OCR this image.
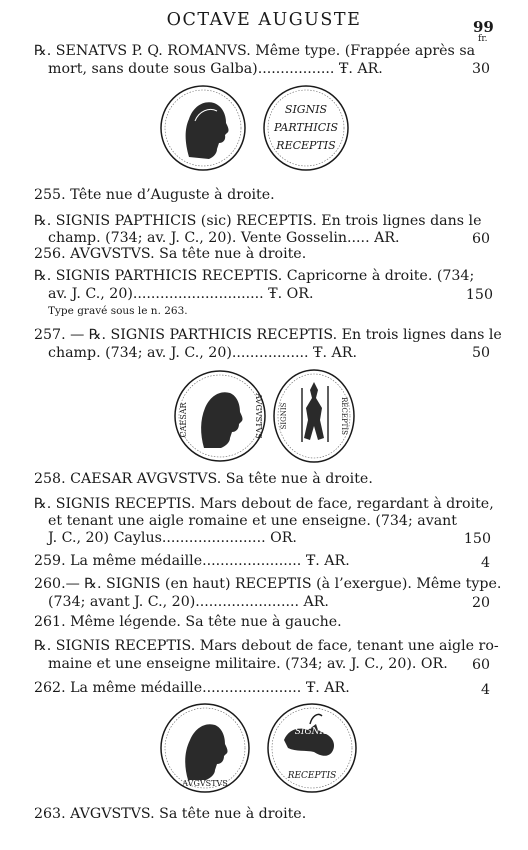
OCTAVE AUGUSTE	99
fr.
℞. SENATVS P. Q. ROMANVS. Même type. (Frappée après sa
mort, sans doute sous Galba)................. Ŧ. AR.	30
SIGNIS
PARTHICIS
RECEPTIS
255. Tête nue d’Auguste à droite.
℞. SIGNIS PAPTHICIS (sic) RECEPTIS. En trois lignes dans le
champ. (734; av. J. C., 20). Vente Gosselin..... AR.	60
256. AVGVSTVS. Sa tête nue à droite.
℞. SIGNIS PARTHICIS RECEPTIS. Capricorne à droite. (734;
av. J. C., 20)............................. Ŧ. OR.	150
Type gravé sous le n. 263.
257. — ℞. SIGNIS PARTHICIS RECEPTIS. En trois lignes dans le
champ. (734; av. J. C., 20)................. Ŧ. AR.	50
CAESAR	AVGVSTVS SIGNIS	RECEPTIS
258. CAESAR AVGVSTVS. Sa tête nue à droite.
℞. SIGNIS RECEPTIS. Mars debout de face, regardant à droite,
et tenant une aigle romaine et une enseigne. (734; avant
J. C., 20) Caylus....................... OR.	150
259. La même médaille...................... Ŧ. AR.	4
260.— ℞. SIGNIS (en haut) RECEPTIS (à l’exergue). Même type.
(734; avant J. C., 20)....................... AR.	20
261. Même légende. Sa tête nue à gauche.
℞. SIGNIS RECEPTIS. Mars debout de face, tenant une aigle ro-
maine et une enseigne militaire. (734; av. J. C., 20). OR.	60
262. La même médaille...................... Ŧ. AR.	4
AVGVSTVS
SIGNIS
RECEPTIS
263. AVGVSTVS. Sa tête nue à droite.
